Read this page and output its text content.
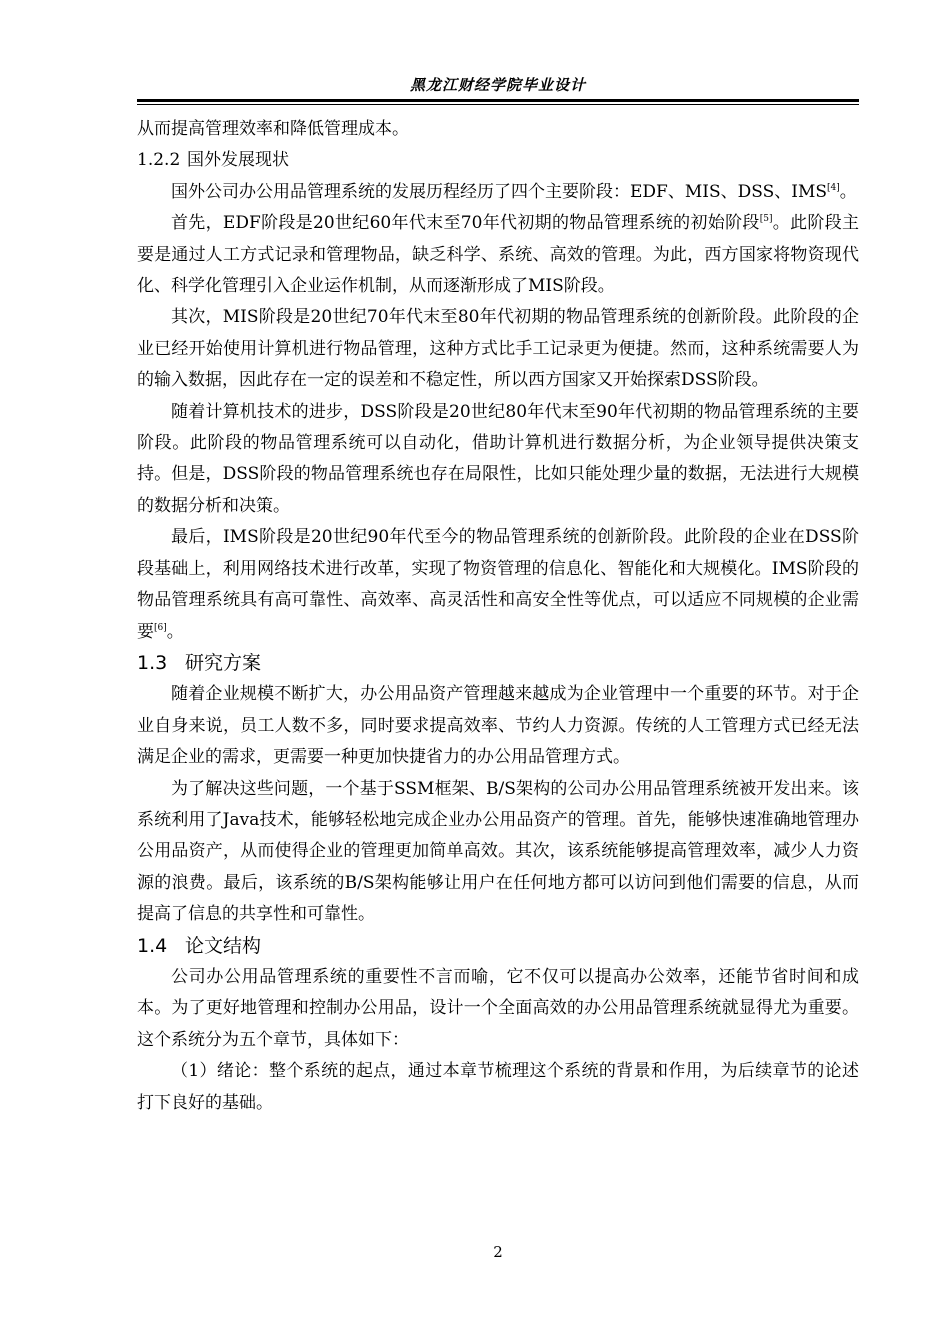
黑龙江财经学院毕业设计

从而提高管理效率和降低管理成本。

1.2.2 国外发展现状

国外公司办公用品管理系统的发展历程经历了四个主要阶段：EDF、MIS、DSS、IMS[4]。

首先，EDF阶段是20世纪60年代末至70年代初期的物品管理系统的初始阶段[5]。此阶段主要是通过人工方式记录和管理物品，缺乏科学、系统、高效的管理。为此，西方国家将物资现代化、科学化管理引入企业运作机制，从而逐渐形成了MIS阶段。

其次，MIS阶段是20世纪70年代末至80年代初期的物品管理系统的创新阶段。此阶段的企业已经开始使用计算机进行物品管理，这种方式比手工记录更为便捷。然而，这种系统需要人为的输入数据，因此存在一定的误差和不稳定性，所以西方国家又开始探索DSS阶段。

随着计算机技术的进步，DSS阶段是20世纪80年代末至90年代初期的物品管理系统的主要阶段。此阶段的物品管理系统可以自动化，借助计算机进行数据分析，为企业领导提供决策支持。但是，DSS阶段的物品管理系统也存在局限性，比如只能处理少量的数据，无法进行大规模的数据分析和决策。

最后，IMS阶段是20世纪90年代至今的物品管理系统的创新阶段。此阶段的企业在DSS阶段基础上，利用网络技术进行改革，实现了物资管理的信息化、智能化和大规模化。IMS阶段的物品管理系统具有高可靠性、高效率、高灵活性和高安全性等优点，可以适应不同规模的企业需要[6]。

1.3 研究方案

随着企业规模不断扩大，办公用品资产管理越来越成为企业管理中一个重要的环节。对于企业自身来说，员工人数不多，同时要求提高效率、节约人力资源。传统的人工管理方式已经无法满足企业的需求，更需要一种更加快捷省力的办公用品管理方式。

为了解决这些问题，一个基于SSM框架、B/S架构的公司办公用品管理系统被开发出来。该系统利用了Java技术，能够轻松地完成企业办公用品资产的管理。首先，能够快速准确地管理办公用品资产，从而使得企业的管理更加简单高效。其次，该系统能够提高管理效率，减少人力资源的浪费。最后，该系统的B/S架构能够让用户在任何地方都可以访问到他们需要的信息，从而提高了信息的共享性和可靠性。

1.4 论文结构

公司办公用品管理系统的重要性不言而喻，它不仅可以提高办公效率，还能节省时间和成本。为了更好地管理和控制办公用品，设计一个全面高效的办公用品管理系统就显得尤为重要。这个系统分为五个章节，具体如下：

（1）绪论：整个系统的起点，通过本章节梳理这个系统的背景和作用，为后续章节的论述打下良好的基础。

2
